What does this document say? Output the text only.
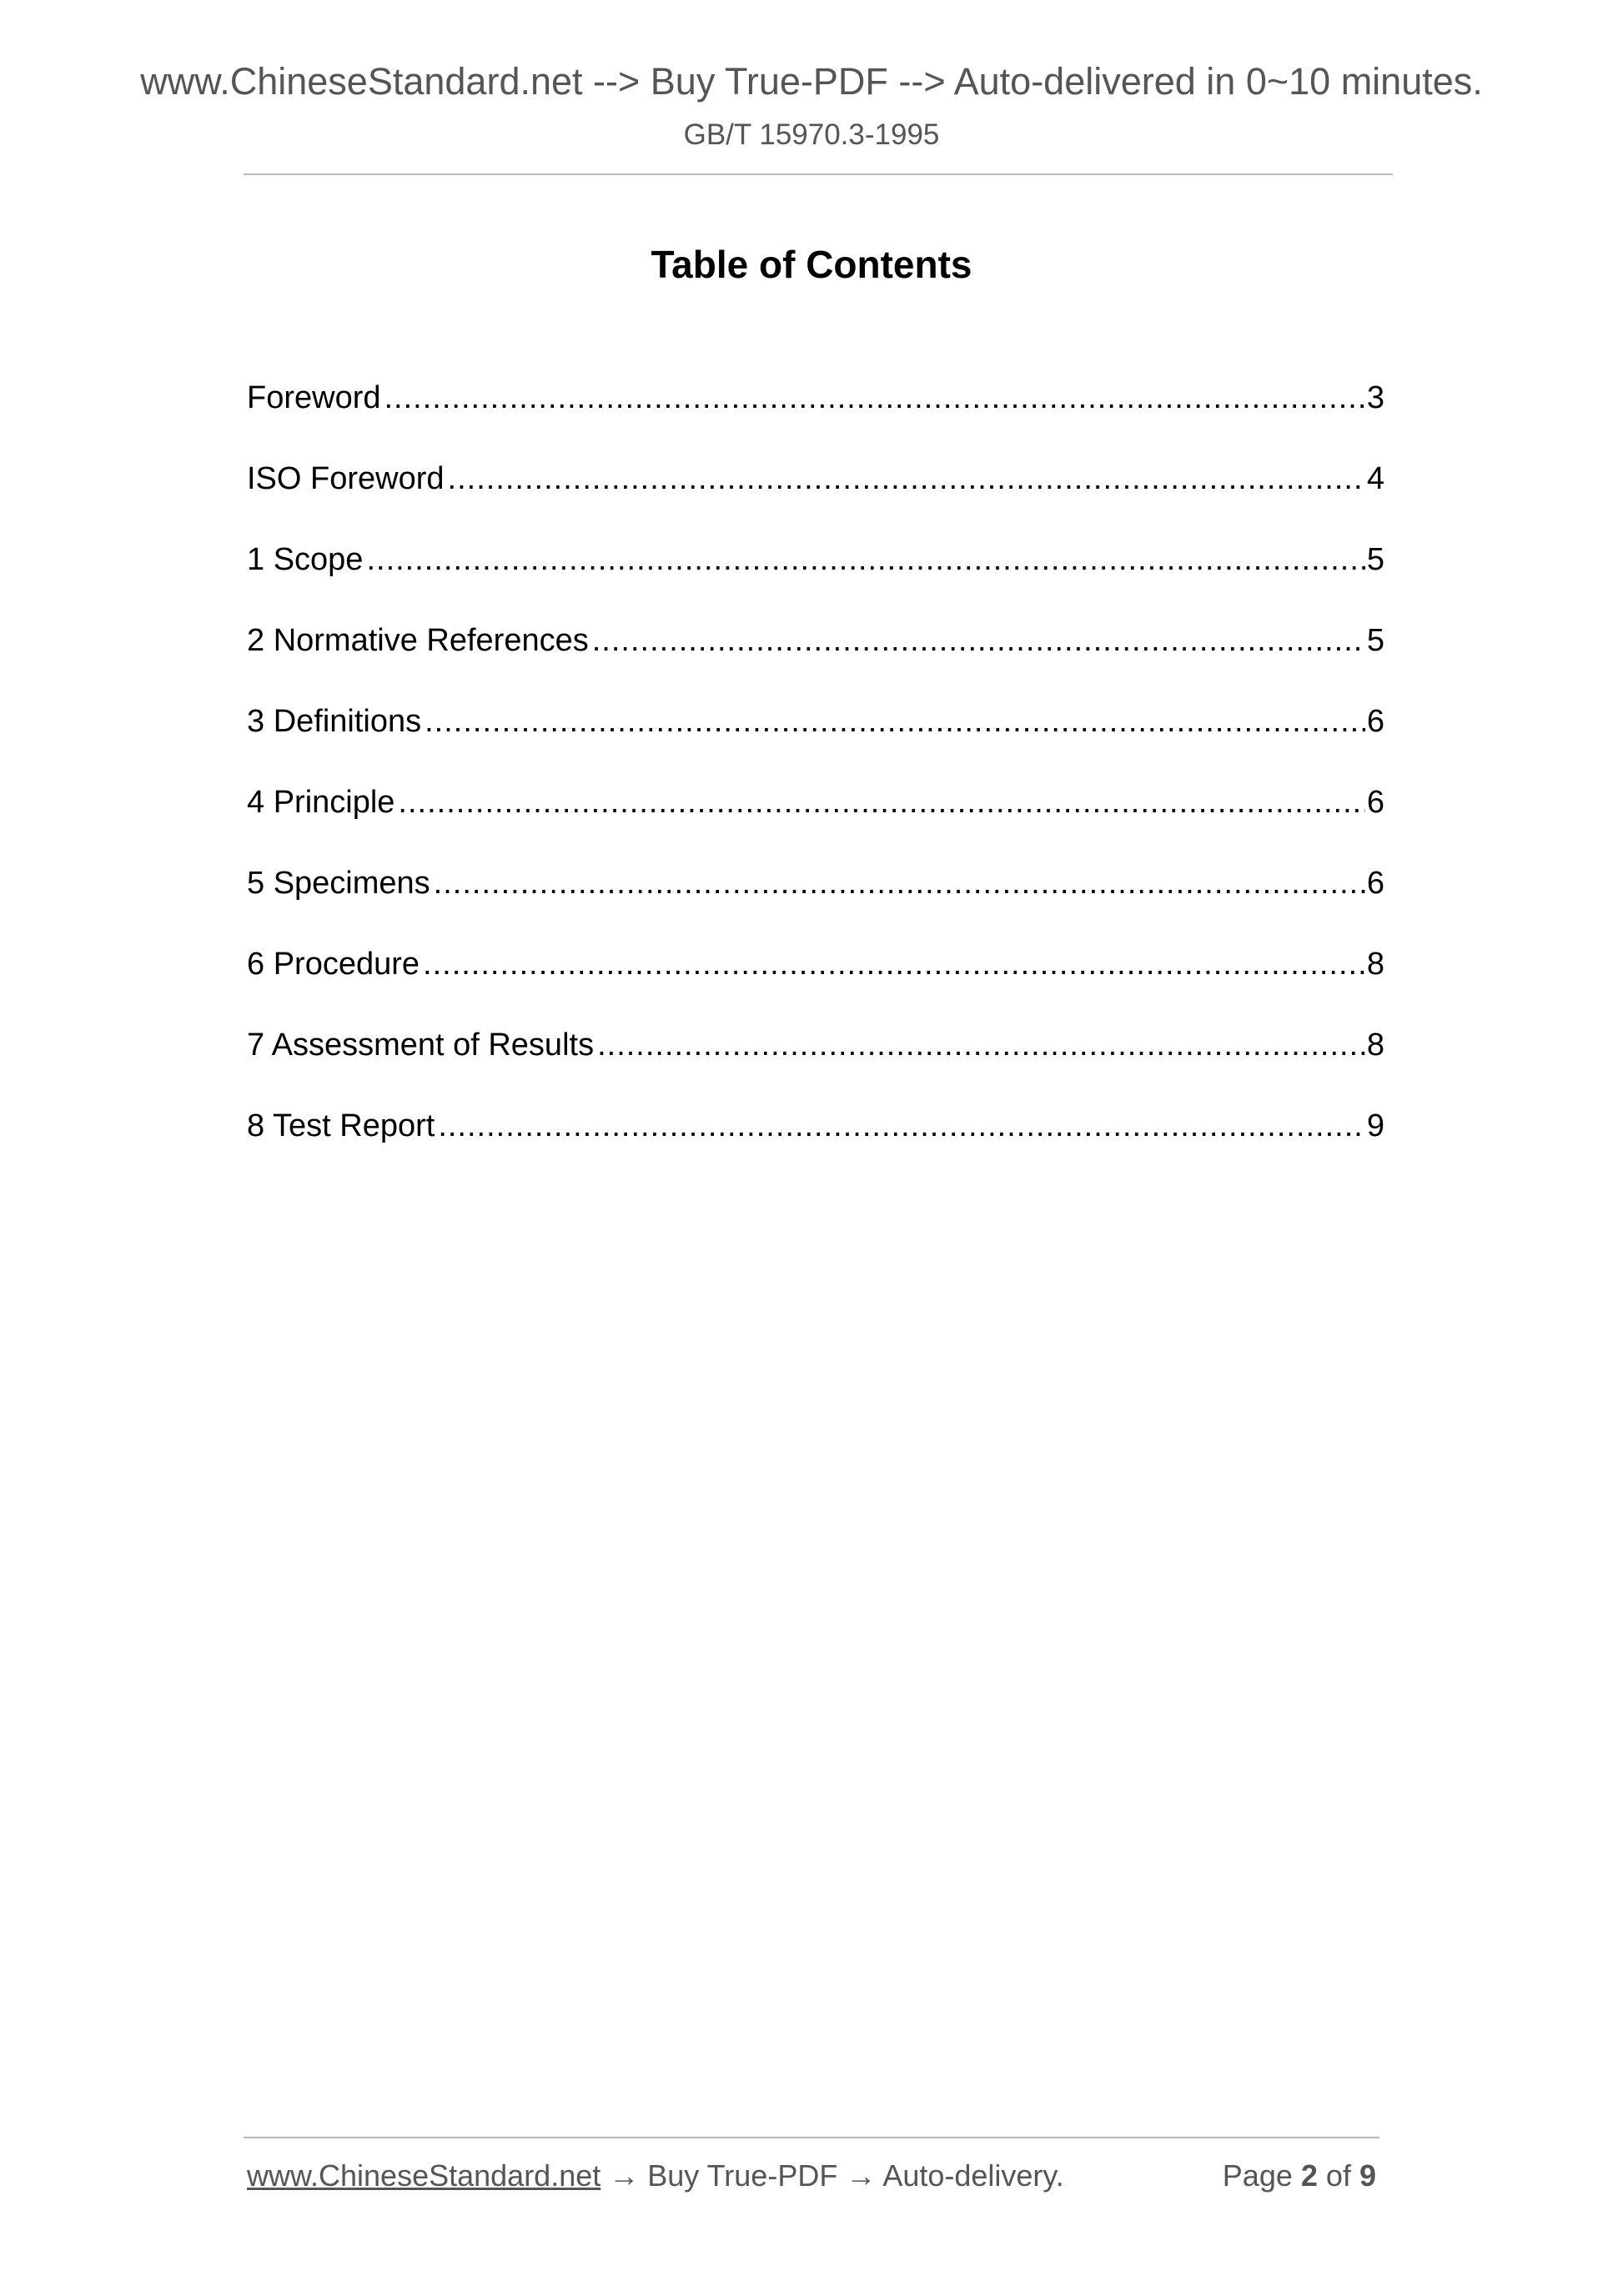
www.ChineseStandard.net --> Buy True-PDF --> Auto-delivered in 0~10 minutes.
GB/T 15970.3-1995
Table of Contents
Foreword .....	3
ISO Foreword .....	4
1 Scope .....	5
2 Normative References .....	5
3 Definitions .....	6
4 Principle .....	6
5 Specimens .....	6
6 Procedure .....	8
7 Assessment of Results .....	8
8 Test Report .....	9
www.ChineseStandard.net → Buy True-PDF → Auto-delivery.	Page 2 of 9
